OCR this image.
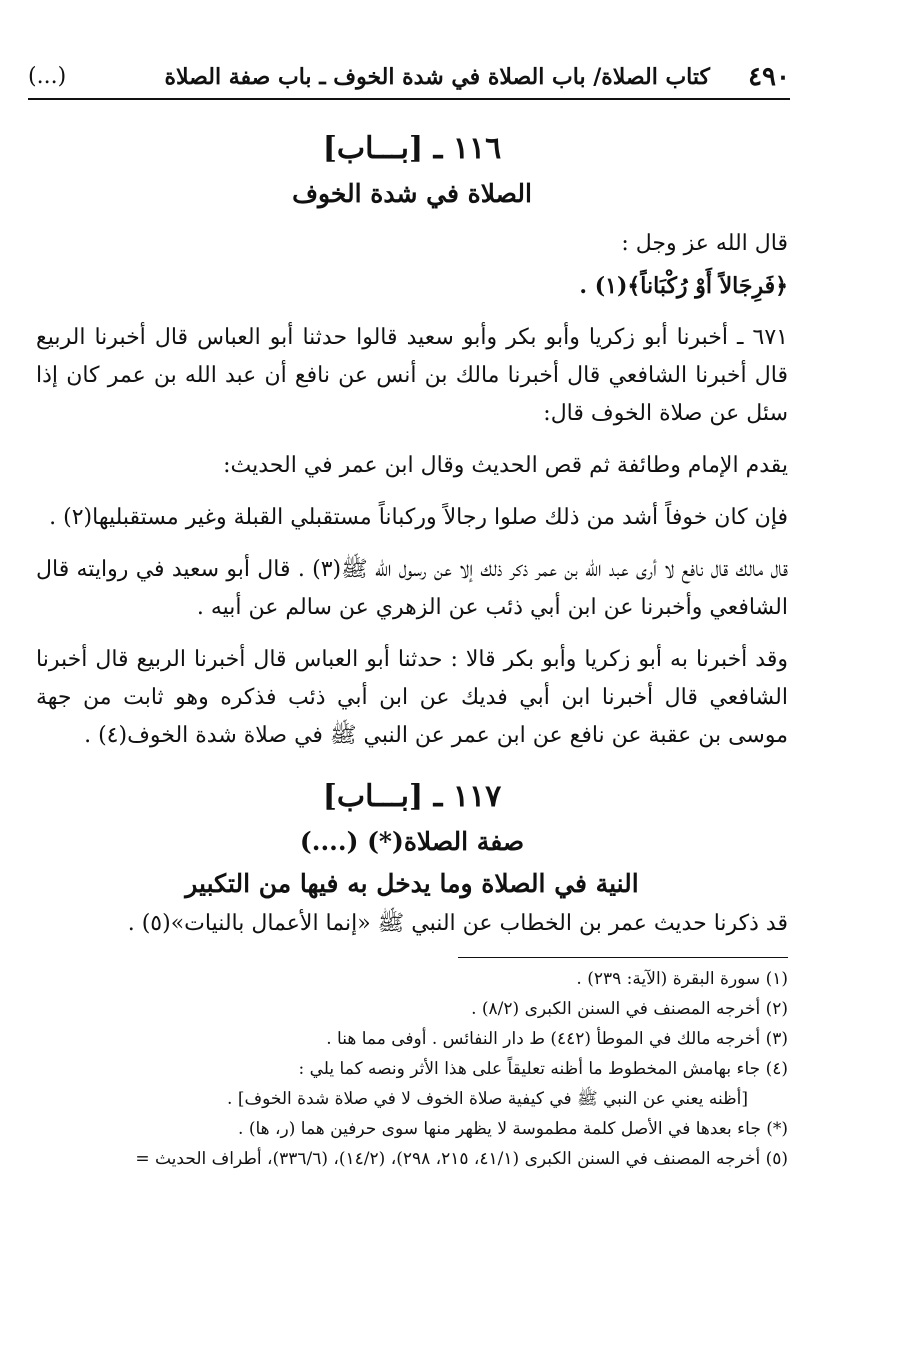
٤٩٠
كتاب الصلاة/ باب الصلاة في شدة الخوف ـ باب صفة الصلاة
(...)
١١٦ ـ [بـــاب]
الصلاة في شدة الخوف

قال الله عز وجل :

﴿فَرِجَالاً أَوْ رُكْبَاناً﴾(١) .

٦٧١ ـ أخبرنا أبو زكريا وأبو بكر وأبو سعيد قالوا حدثنا أبو العباس قال أخبرنا الربيع قال أخبرنا الشافعي قال أخبرنا مالك بن أنس عن نافع أن عبد الله بن عمر كان إذا سئل عن صلاة الخوف قال:

يقدم الإمام وطائفة ثم قص الحديث وقال ابن عمر في الحديث:

فإن كان خوفاً أشد من ذلك صلوا رجالاً وركباناً مستقبلي القبلة وغير مستقبليها(٢) .

قال مالك قال نافع لا أرى عبد الله بن عمر ذكر ذلك إلا عن رسول الله ﷺ(٣) . قال أبو سعيد في روايته قال الشافعي وأخبرنا عن ابن أبي ذئب عن الزهري عن سالم عن أبيه .

وقد أخبرنا به أبو زكريا وأبو بكر قالا : حدثنا أبو العباس قال أخبرنا الربيع قال أخبرنا الشافعي قال أخبرنا ابن أبي فديك عن ابن أبي ذئب فذكره وهو ثابت من جهة موسى بن عقبة عن نافع عن ابن عمر عن النبي ﷺ في صلاة شدة الخوف(٤) .

١١٧ ـ [بـــاب]
صفة الصلاة(*) (....)
النية في الصلاة وما يدخل به فيها من التكبير

قد ذكرنا حديث عمر بن الخطاب عن النبي ﷺ «إنما الأعمال بالنيات»(٥) .

(١) سورة البقرة (الآية: ٢٣٩) .

(٢) أخرجه المصنف في السنن الكبرى (٨/٢) .

(٣) أخرجه مالك في الموطأ (٤٤٢) ط دار النفائس . أوفى مما هنا .

(٤) جاء بهامش المخطوط ما أظنه تعليقاً على هذا الأثر ونصه كما يلي :

[أظنه يعني عن النبي ﷺ في كيفية صلاة الخوف لا في صلاة شدة الخوف] .

(*) جاء بعدها في الأصل كلمة مطموسة لا يظهر منها سوى حرفين هما (ر، ها) .

(٥) أخرجه المصنف في السنن الكبرى (٤١/١، ٢١٥، ٢٩٨)، (١٤/٢)، (٣٣٦/٦)، أطراف الحديث =
